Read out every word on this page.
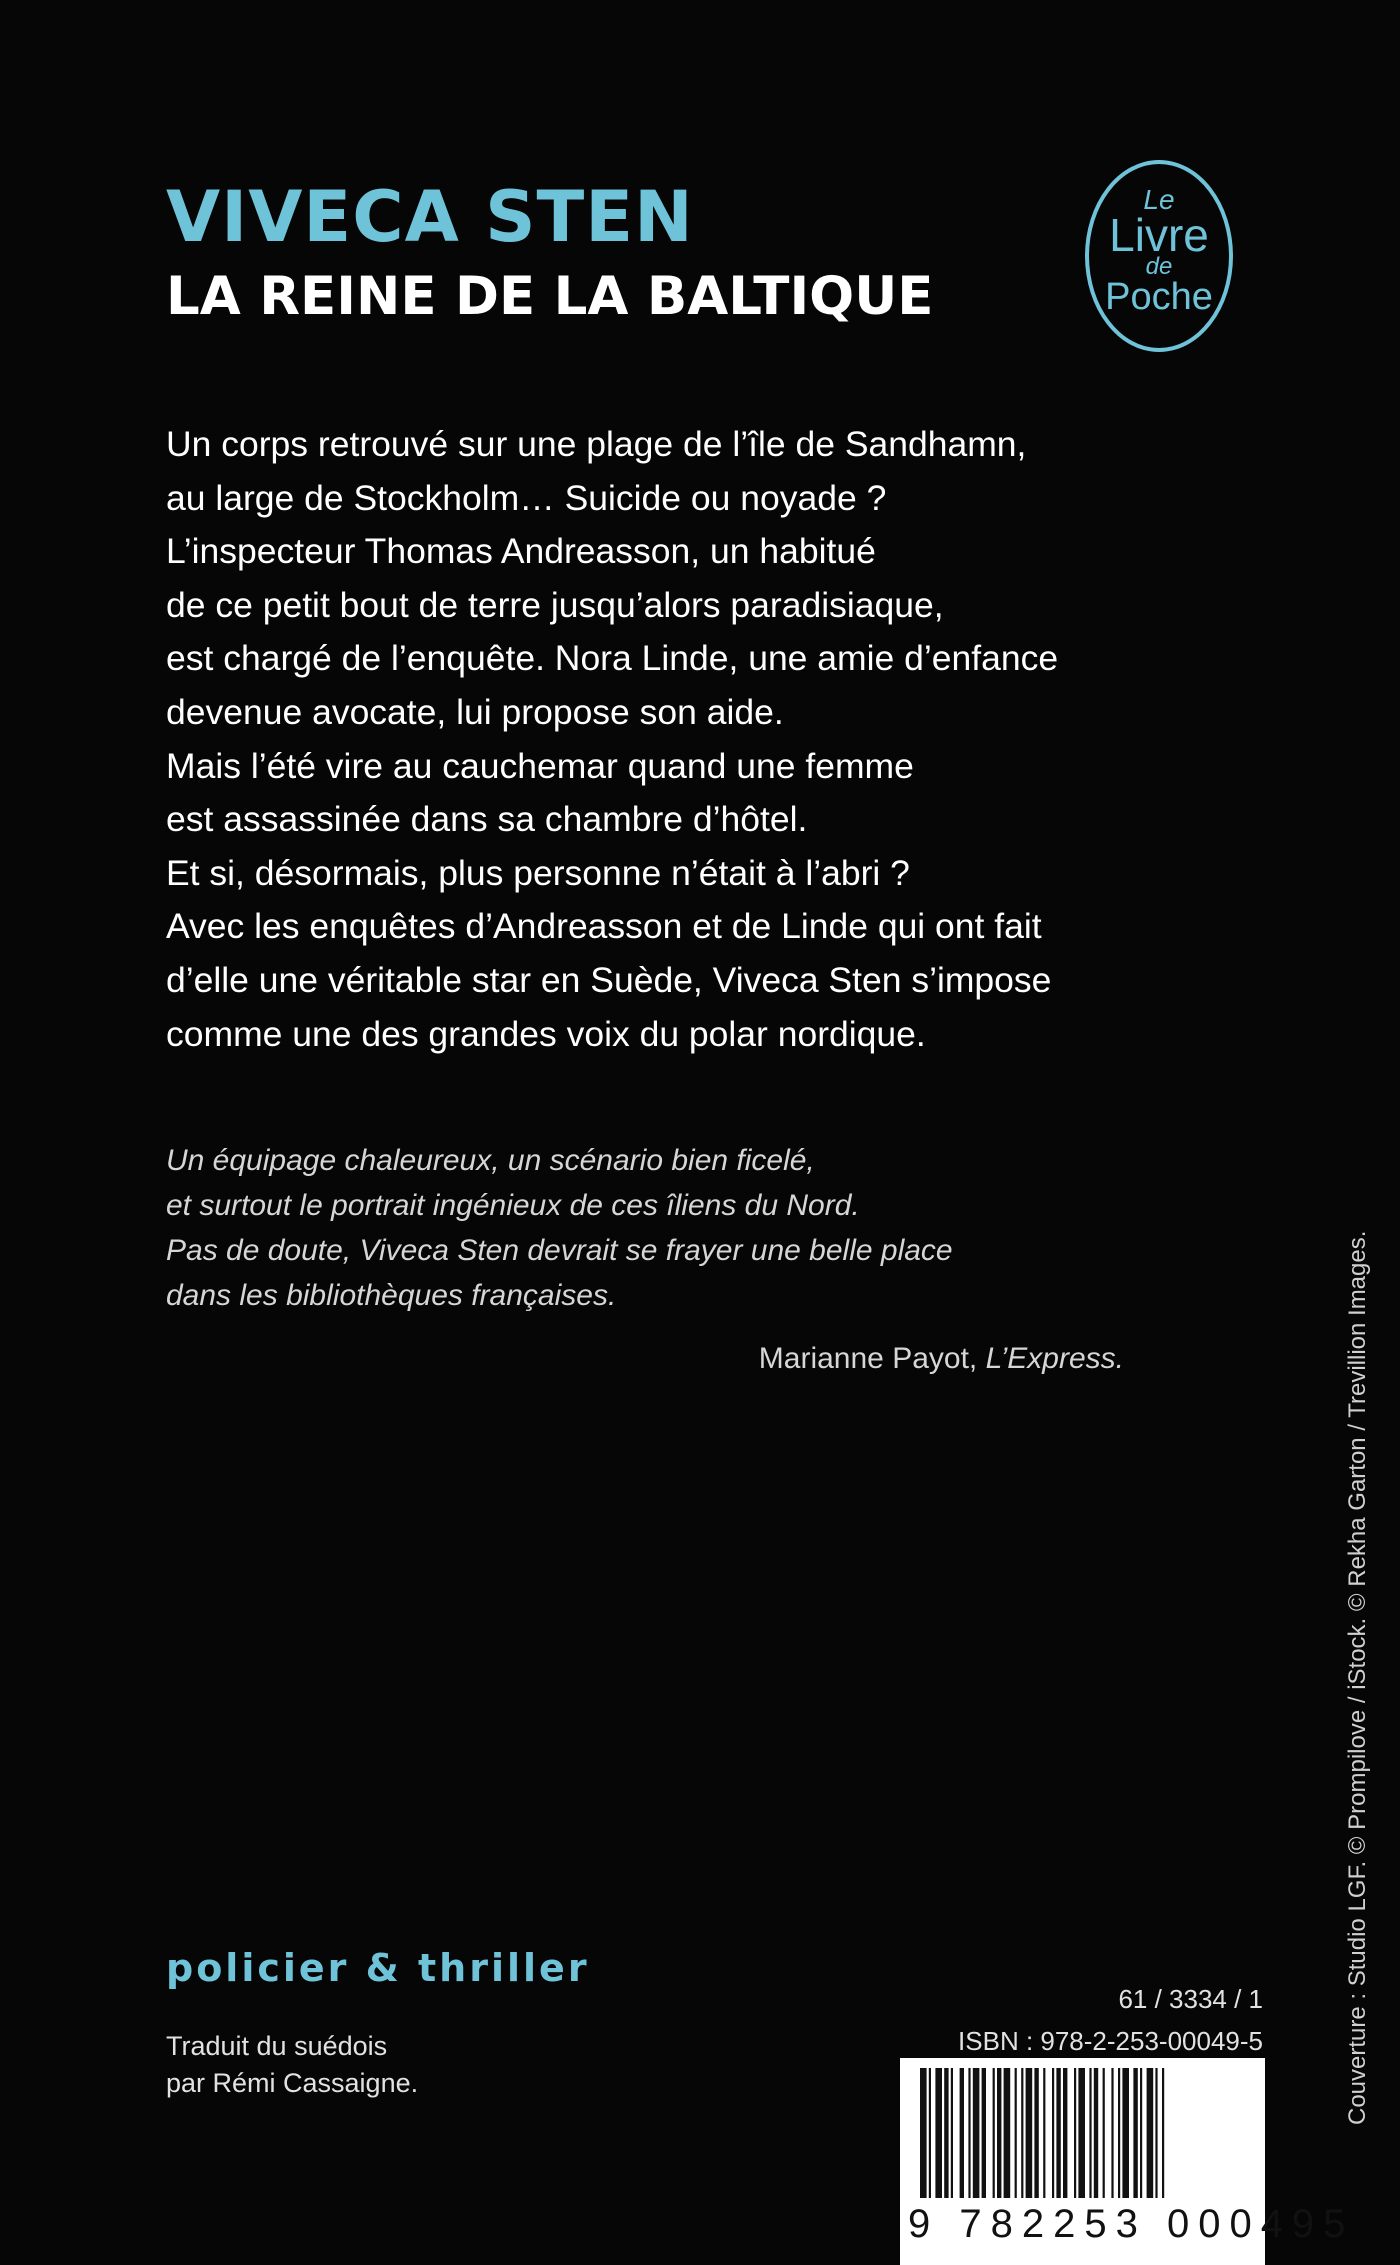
VIVECA STEN
LA REINE DE LA BALTIQUE
Le
Livre
de
Poche
Un corps retrouvé sur une plage de l’île de Sandhamn,
au large de Stockholm… Suicide ou noyade ?
L’inspecteur Thomas Andreasson, un habitué
de ce petit bout de terre jusqu’alors paradisiaque,
est chargé de l’enquête. Nora Linde, une amie d’enfance
devenue avocate, lui propose son aide.
Mais l’été vire au cauchemar quand une femme
est assassinée dans sa chambre d’hôtel.
Et si, désormais, plus personne n’était à l’abri ?
Avec les enquêtes d’Andreasson et de Linde qui ont fait
d’elle une véritable star en Suède, Viveca Sten s’impose
comme une des grandes voix du polar nordique.
Un équipage chaleureux, un scénario bien ficelé,
et surtout le portrait ingénieux de ces îliens du Nord.
Pas de doute, Viveca Sten devrait se frayer une belle place
dans les bibliothèques françaises.
Marianne Payot, L’Express.
policier & thriller
Traduit du suédois
par Rémi Cassaigne.
61 / 3334 / 1
ISBN : 978-2-253-00049-5
9 782253 000495
Couverture : Studio LGF. © Prompilove / iStock. © Rekha Garton / Trevillion Images.
